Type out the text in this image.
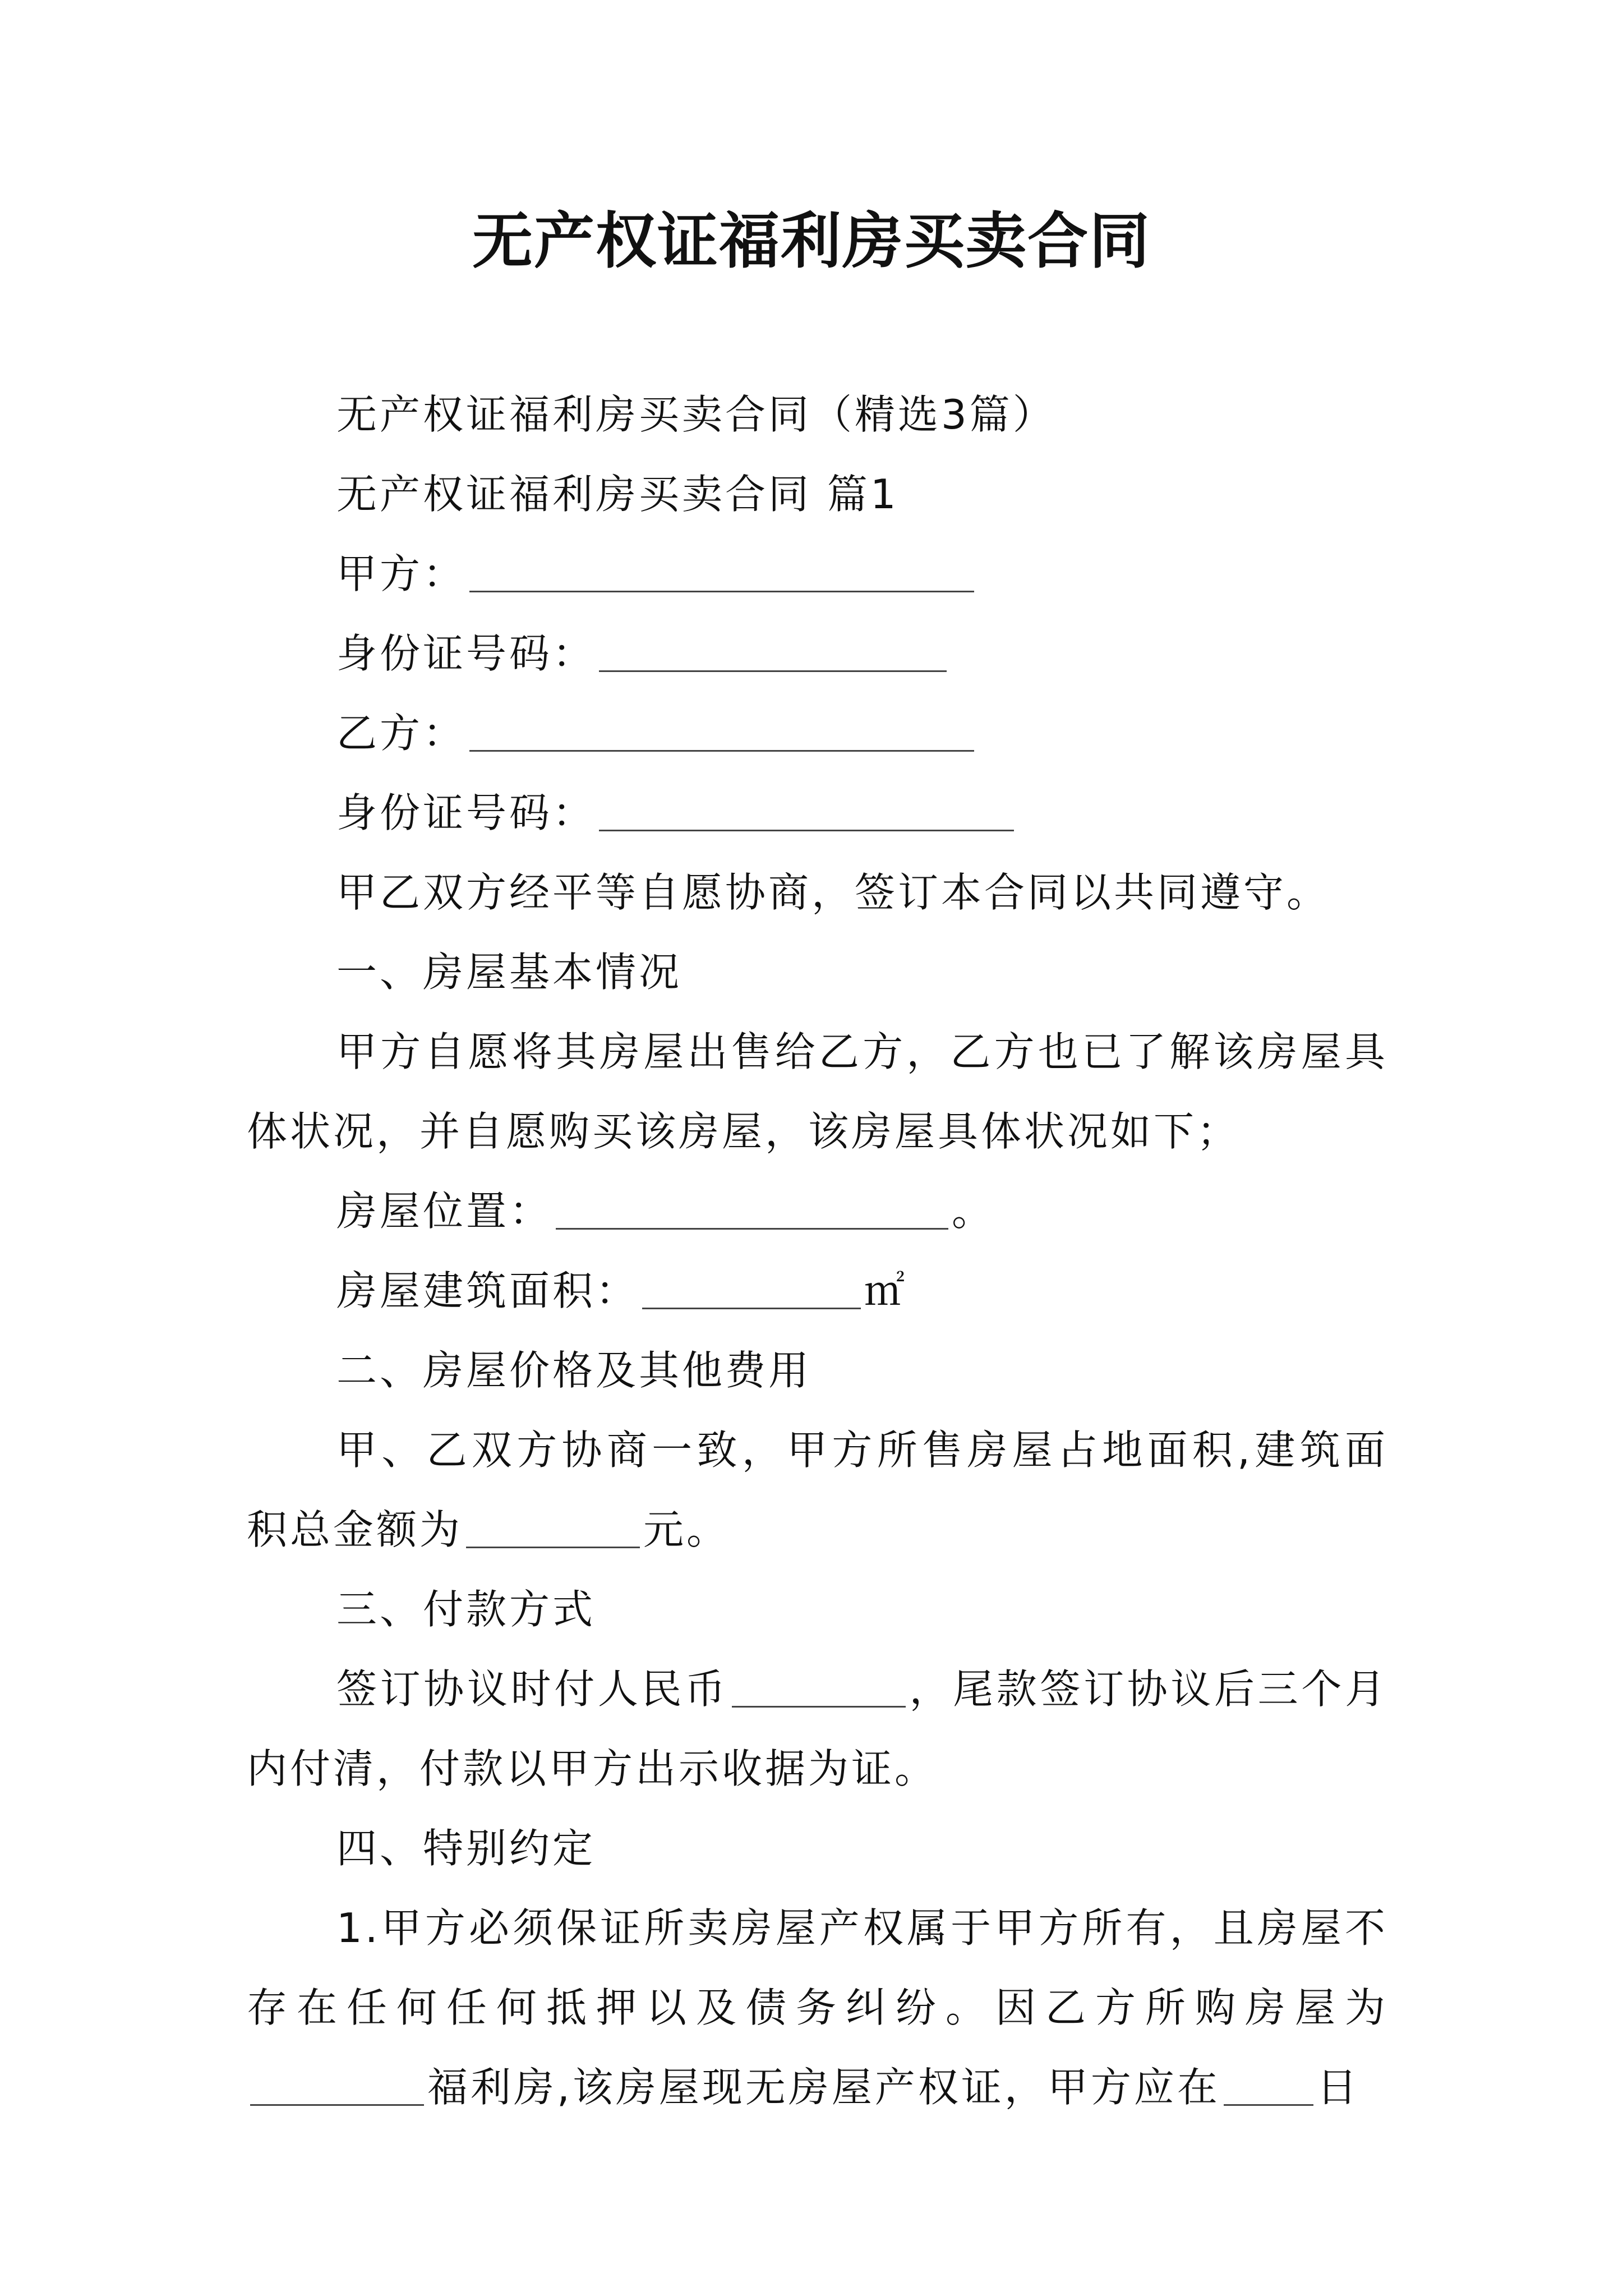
无产权证福利房买卖合同

无产权证福利房买卖合同（精选3篇）

无产权证福利房买卖合同 篇1

甲方：

身份证号码：

乙方：

身份证号码：

甲乙双方经平等自愿协商，签订本合同以共同遵守。

一、房屋基本情况

甲方自愿将其房屋出售给乙方，乙方也已了解该房屋具体状况，并自愿购买该房屋，该房屋具体状况如下；

房屋位置：	。

房屋建筑面积：	㎡

二、房屋价格及其他费用

甲、乙双方协商一致，甲方所售房屋占地面积,建筑面积总金额为	元。

三、付款方式

签订协议时付人民币	，尾款签订协议后三个月内付清，付款以甲方出示收据为证。

四、特别约定

1.甲方必须保证所卖房屋产权属于甲方所有，且房屋不存在任何任何抵押以及债务纠纷。因乙方所购房屋为福利房,该房屋现无房屋产权证，甲方应在 日
